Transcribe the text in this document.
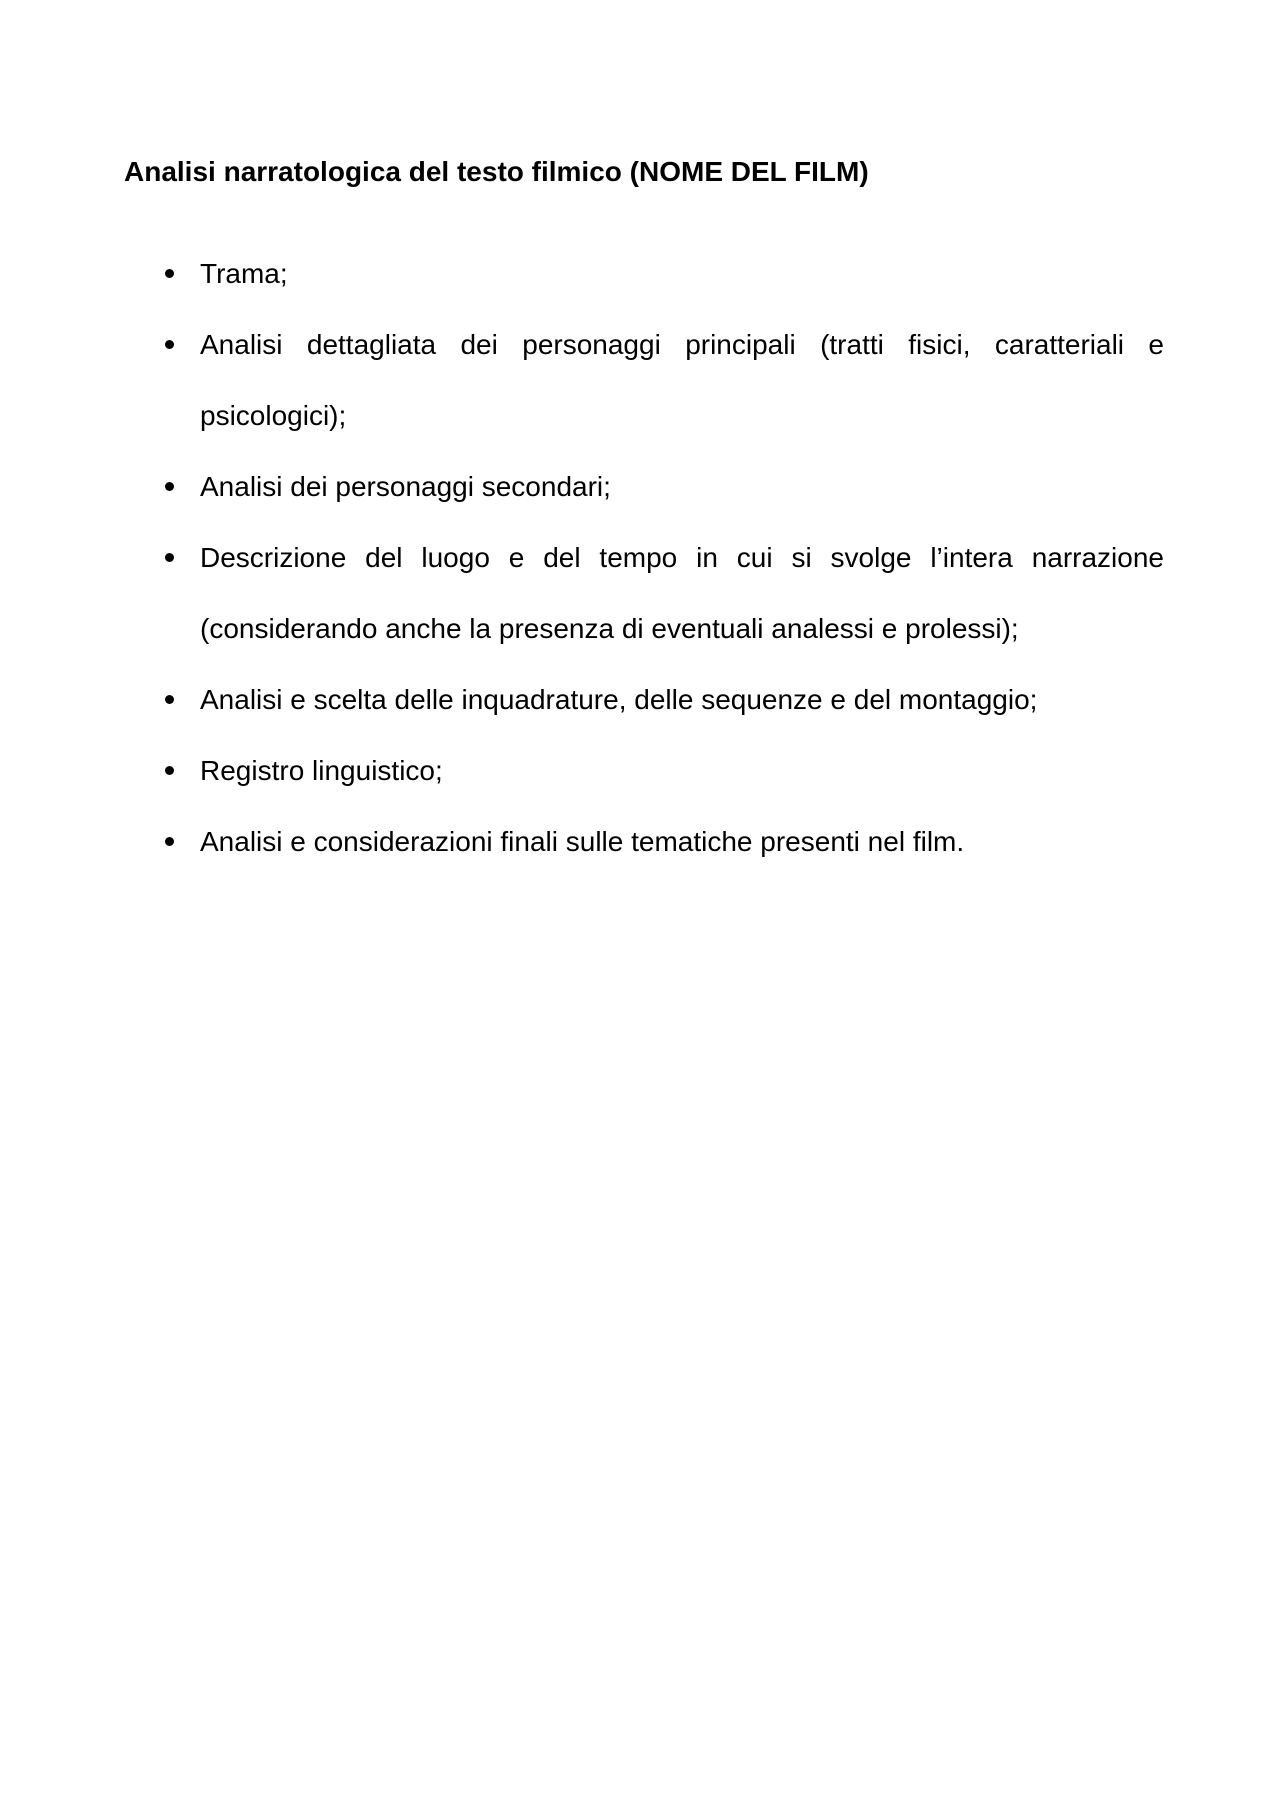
Analisi narratologica del testo filmico (NOME DEL FILM)
Trama;
Analisi dettagliata dei personaggi principali (tratti fisici, caratteriali e psicologici);
Analisi dei personaggi secondari;
Descrizione del luogo e del tempo in cui si svolge l’intera narrazione (considerando anche la presenza di eventuali analessi e prolessi);
Analisi e scelta delle inquadrature, delle sequenze e del montaggio;
Registro linguistico;
Analisi e considerazioni finali sulle tematiche presenti nel film.
